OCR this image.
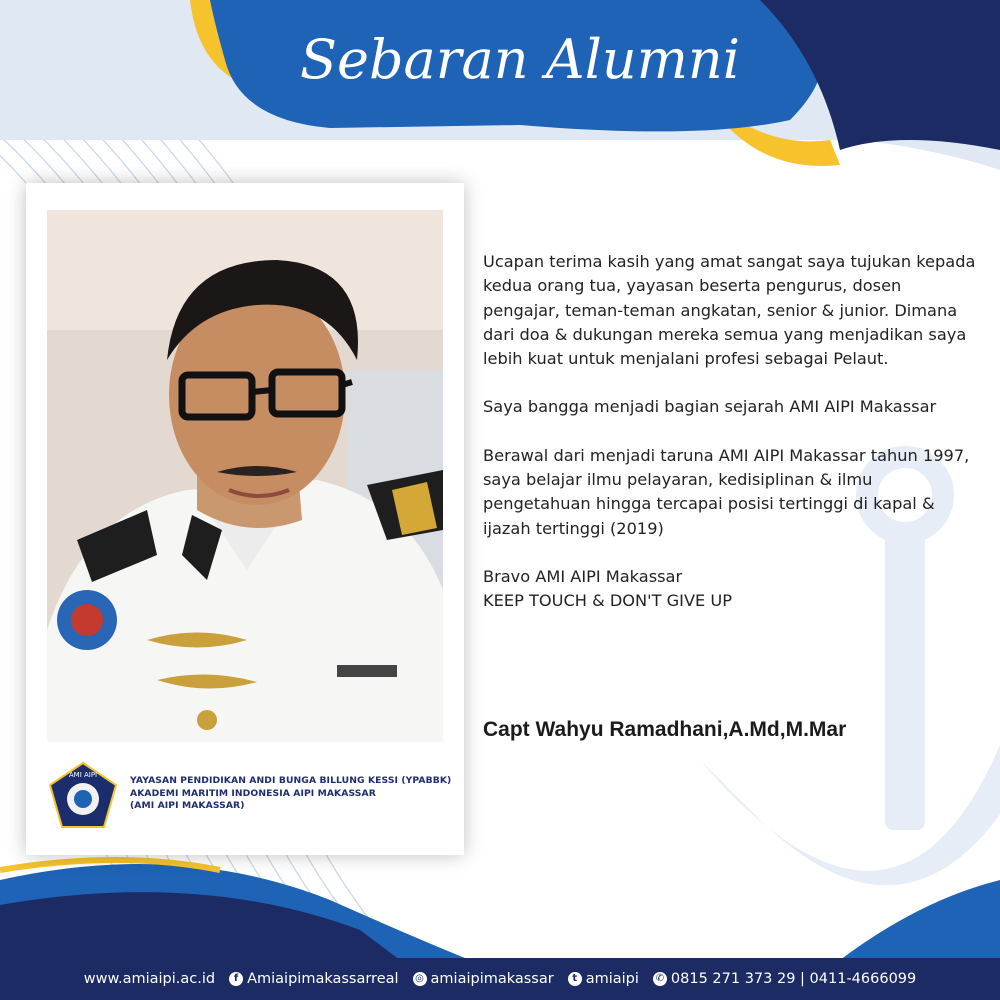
Sebaran Alumni
AMI AIPI	YAYASAN PENDIDIKAN ANDI BUNGA BILLUNG KESSI (YPABBK)
AKADEMI MARITIM INDONESIA AIPI MAKASSAR
(AMI AIPI MAKASSAR)

Ucapan terima kasih yang amat sangat saya tujukan kepada kedua orang tua, yayasan beserta pengurus, dosen pengajar, teman-teman angkatan, senior & junior. Dimana dari doa & dukungan mereka semua yang menjadikan saya lebih kuat untuk menjalani profesi sebagai Pelaut.

Saya bangga menjadi bagian sejarah AMI AIPI Makassar

Berawal dari menjadi taruna AMI AIPI Makassar tahun 1997, saya belajar ilmu pelayaran, kedisiplinan & ilmu pengetahuan hingga tercapai posisi tertinggi di kapal & ijazah tertinggi (2019)

Bravo AMI AIPI Makassar
KEEP TOUCH & DON'T GIVE UP

Capt Wahyu Ramadhani,A.Md,M.Mar
www.amiaipi.ac.id	f Amiaipimakassarreal ◎ amiaipimakassar	t amiaipi ✆ 0815 271 373 29 | 0411-4666099
